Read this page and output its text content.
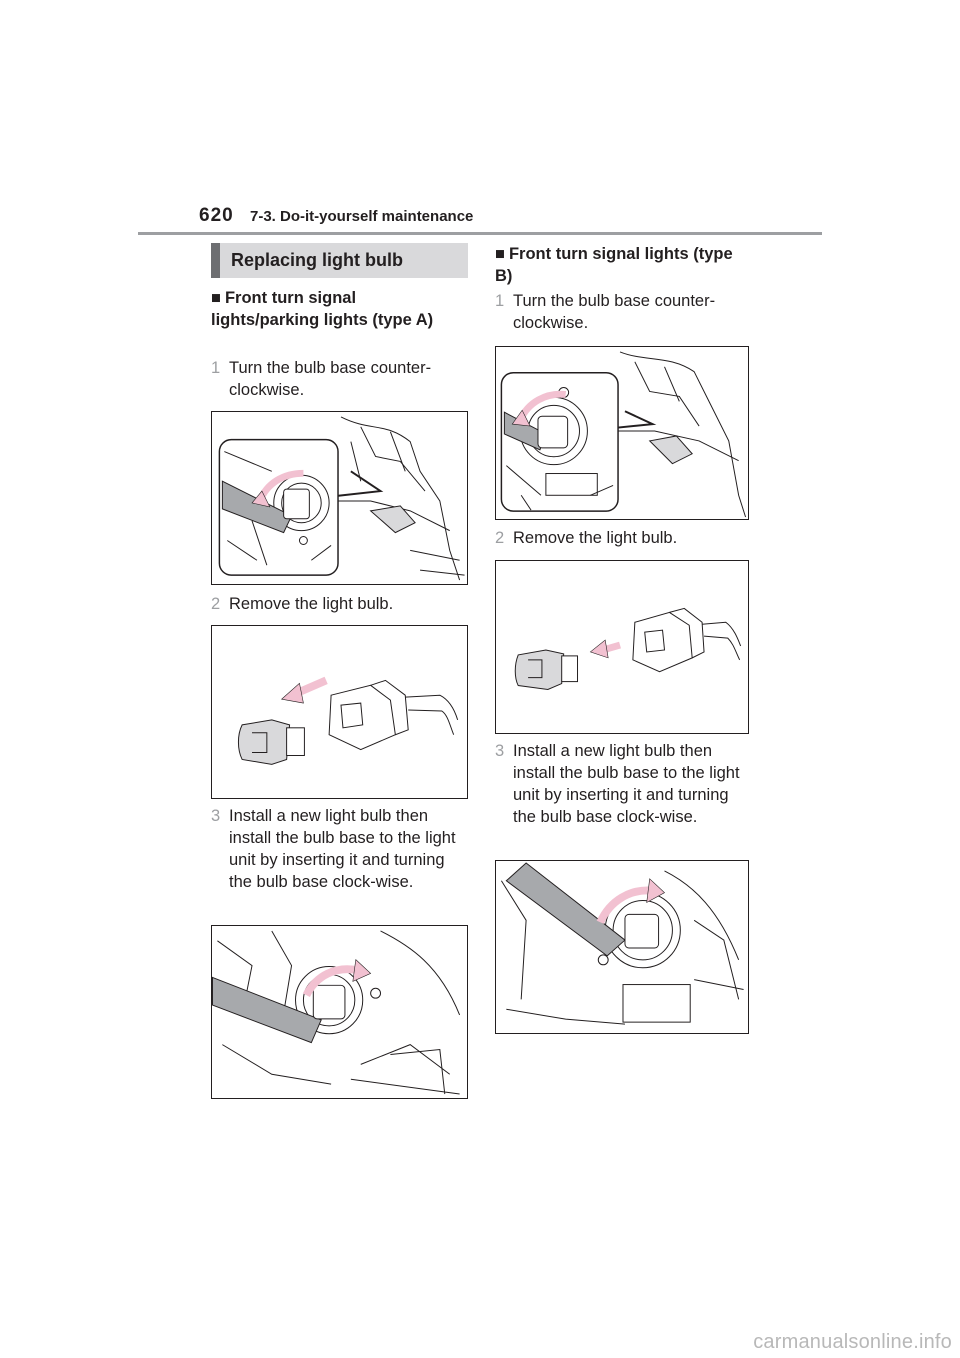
620 7-3. Do-it-yourself maintenance
Replacing light bulb
■ Front turn signal lights/parking lights (type A)
1 Turn the bulb base counter-clockwise.
2 Remove the light bulb.
3 Install a new light bulb then install the bulb base to the light unit by inserting it and turning the bulb base clock-wise.
■ Front turn signal lights (type B)
1 Turn the bulb base counter-clockwise.
2 Remove the light bulb.
3 Install a new light bulb then install the bulb base to the light unit by inserting it and turning the bulb base clock-wise.
carmanualsonline.info
